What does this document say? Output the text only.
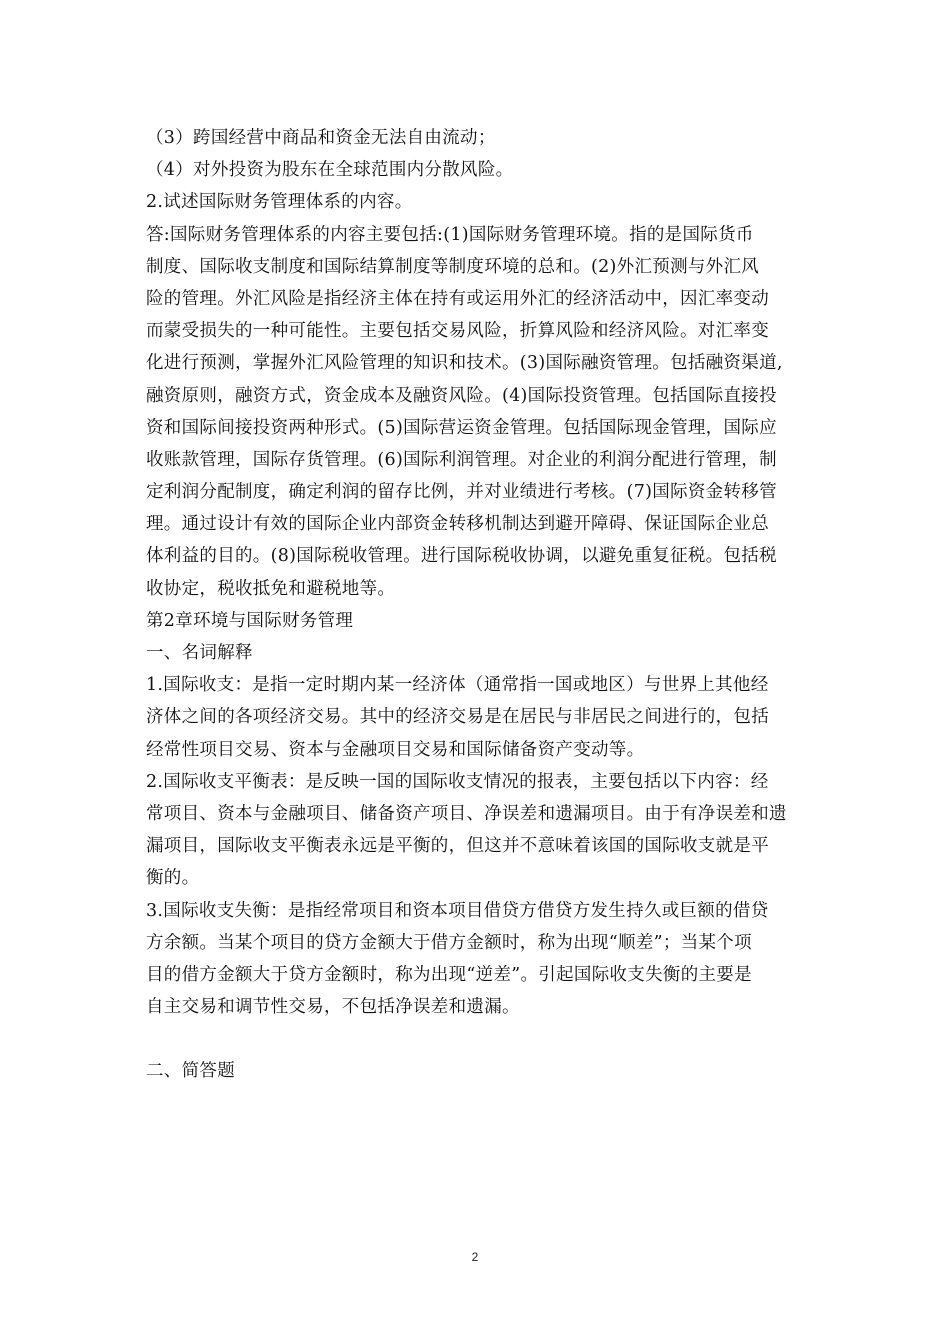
（3）跨国经营中商品和资金无法自由流动；
（4）对外投资为股东在全球范围内分散风险。
2.试述国际财务管理体系的内容。
答:国际财务管理体系的内容主要包括:(1)国际财务管理环境。指的是国际货币
制度、国际收支制度和国际结算制度等制度环境的总和。(2)外汇预测与外汇风
险的管理。外汇风险是指经济主体在持有或运用外汇的经济活动中，因汇率变动
而蒙受损失的一种可能性。主要包括交易风险，折算风险和经济风险。对汇率变
化进行预测，掌握外汇风险管理的知识和技术。(3)国际融资管理。包括融资渠道,
融资原则，融资方式，资金成本及融资风险。(4)国际投资管理。包括国际直接投
资和国际间接投资两种形式。(5)国际营运资金管理。包括国际现金管理，国际应
收账款管理，国际存货管理。(6)国际利润管理。对企业的利润分配进行管理，制
定利润分配制度，确定利润的留存比例，并对业绩进行考核。(7)国际资金转移管
理。通过设计有效的国际企业内部资金转移机制达到避开障碍、保证国际企业总
体利益的目的。(8)国际税收管理。进行国际税收协调，以避免重复征税。包括税
收协定，税收抵免和避税地等。
第2章环境与国际财务管理
一、名词解释
1.国际收支：是指一定时期内某一经济体（通常指一国或地区）与世界上其他经
济体之间的各项经济交易。其中的经济交易是在居民与非居民之间进行的，包括
经常性项目交易、资本与金融项目交易和国际储备资产变动等。
2.国际收支平衡表：是反映一国的国际收支情况的报表，主要包括以下内容：经
常项目、资本与金融项目、储备资产项目、净误差和遗漏项目。由于有净误差和遗
漏项目，国际收支平衡表永远是平衡的，但这并不意味着该国的国际收支就是平
衡的。
3.国际收支失衡：是指经常项目和资本项目借贷方借贷方发生持久或巨额的借贷
方余额。当某个项目的贷方金额大于借方金额时，称为出现“顺差”；当某个项
目的借方金额大于贷方金额时，称为出现“逆差”。引起国际收支失衡的主要是
自主交易和调节性交易，不包括净误差和遗漏。
二、简答题
2
